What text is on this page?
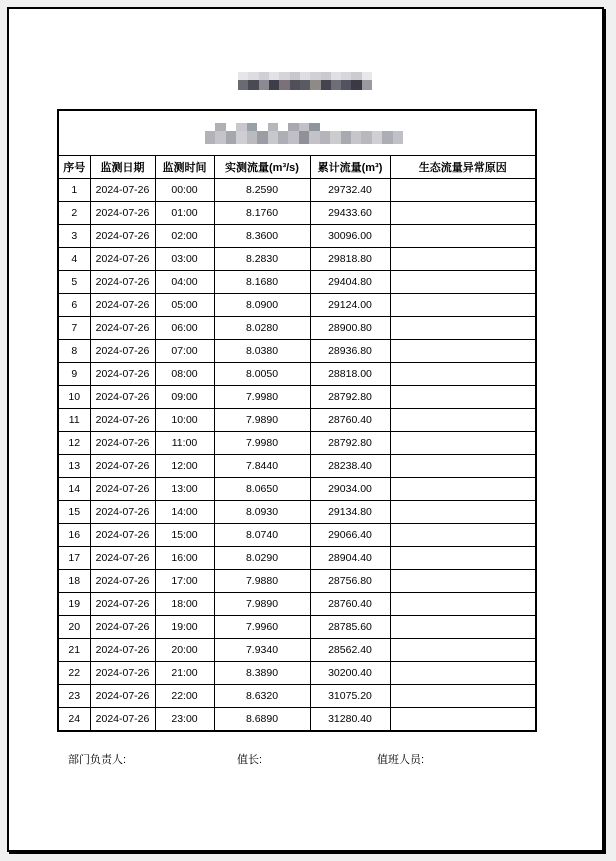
序号	监测日期	监测时间	实测流量(m³/s)	累计流量(m³)	生态流量异常原因
1	2024-07-26	00:00	8.2590	29732.40	
2	2024-07-26	01:00	8.1760	29433.60	
3	2024-07-26	02:00	8.3600	30096.00	
4	2024-07-26	03:00	8.2830	29818.80	
5	2024-07-26	04:00	8.1680	29404.80	
6	2024-07-26	05:00	8.0900	29124.00	
7	2024-07-26	06:00	8.0280	28900.80	
8	2024-07-26	07:00	8.0380	28936.80	
9	2024-07-26	08:00	8.0050	28818.00	
10	2024-07-26	09:00	7.9980	28792.80	
11	2024-07-26	10:00	7.9890	28760.40	
12	2024-07-26	11:00	7.9980	28792.80	
13	2024-07-26	12:00	7.8440	28238.40	
14	2024-07-26	13:00	8.0650	29034.00	
15	2024-07-26	14:00	8.0930	29134.80	
16	2024-07-26	15:00	8.0740	29066.40	
17	2024-07-26	16:00	8.0290	28904.40	
18	2024-07-26	17:00	7.9880	28756.80	
19	2024-07-26	18:00	7.9890	28760.40	
20	2024-07-26	19:00	7.9960	28785.60	
21	2024-07-26	20:00	7.9340	28562.40	
22	2024-07-26	21:00	8.3890	30200.40	
23	2024-07-26	22:00	8.6320	31075.20	
24	2024-07-26	23:00	8.6890	31280.40	
部门负责人:	值长:	值班人员:
